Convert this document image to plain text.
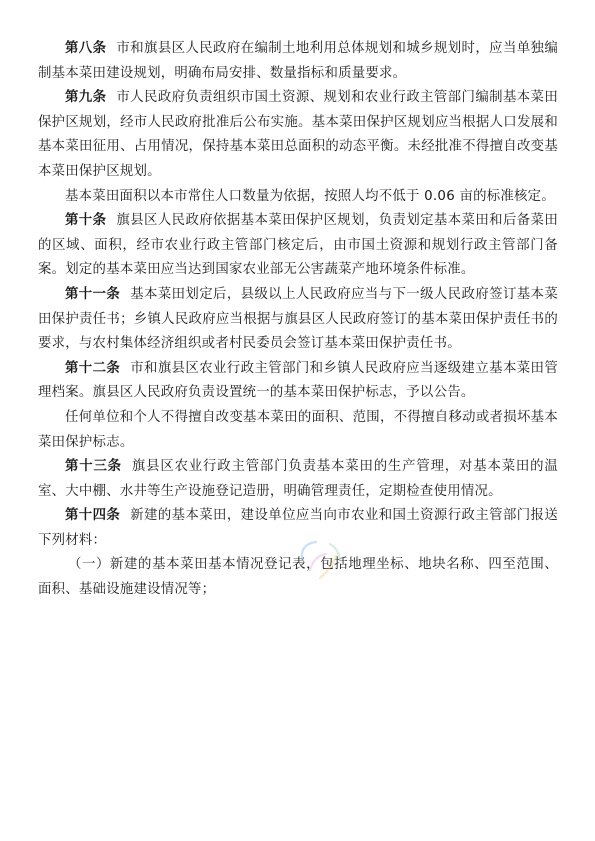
第八条 市和旗县区人民政府在编制土地利用总体规划和城乡规划时，应当单独编制基本菜田建设规划，明确布局安排、数量指标和质量要求。

第九条 市人民政府负责组织市国土资源、规划和农业行政主管部门编制基本菜田保护区规划，经市人民政府批准后公布实施。基本菜田保护区规划应当根据人口发展和基本菜田征用、占用情况，保持基本菜田总面积的动态平衡。未经批准不得擅自改变基本菜田保护区规划。

基本菜田面积以本市常住人口数量为依据，按照人均不低于 0.06 亩的标准核定。

第十条 旗县区人民政府依据基本菜田保护区规划，负责划定基本菜田和后备菜田的区域、面积，经市农业行政主管部门核定后，由市国土资源和规划行政主管部门备案。划定的基本菜田应当达到国家农业部无公害蔬菜产地环境条件标准。

第十一条 基本菜田划定后，县级以上人民政府应当与下一级人民政府签订基本菜田保护责任书；乡镇人民政府应当根据与旗县区人民政府签订的基本菜田保护责任书的要求，与农村集体经济组织或者村民委员会签订基本菜田保护责任书。

第十二条 市和旗县区农业行政主管部门和乡镇人民政府应当逐级建立基本菜田管理档案。旗县区人民政府负责设置统一的基本菜田保护标志，予以公告。

任何单位和个人不得擅自改变基本菜田的面积、范围，不得擅自移动或者损坏基本菜田保护标志。

第十三条 旗县区农业行政主管部门负责基本菜田的生产管理，对基本菜田的温室、大中棚、水井等生产设施登记造册，明确管理责任，定期检查使用情况。

第十四条 新建的基本菜田，建设单位应当向市农业和国土资源行政主管部门报送下列材料：

（一）新建的基本菜田基本情况登记表，包括地理坐标、地块名称、四至范围、面积、基础设施建设情况等；
